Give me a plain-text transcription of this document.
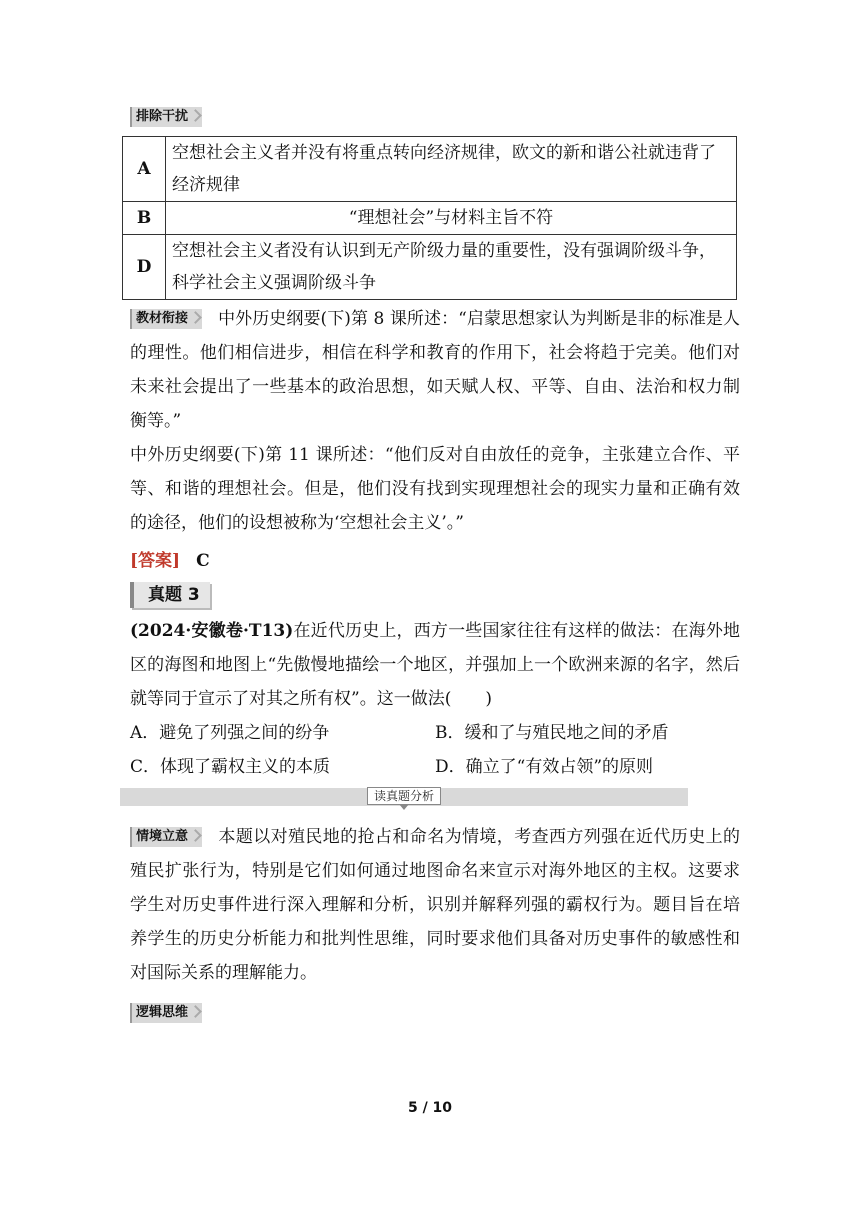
排除干扰
A	空想社会主义者并没有将重点转向经济规律，欧文的新和谐公社就违背了经济规律
B	“理想社会”与材料主旨不符
D	空想社会主义者没有认识到无产阶级力量的重要性，没有强调阶级斗争，科学社会主义强调阶级斗争

教材衔接 中外历史纲要(下)第 8 课所述：“启蒙思想家认为判断是非的标准是人的理性。他们相信进步，相信在科学和教育的作用下，社会将趋于完美。他们对未来社会提出了一些基本的政治思想，如天赋人权、平等、自由、法治和权力制衡等。”

中外历史纲要(下)第 11 课所述：“他们反对自由放任的竞争，主张建立合作、平等、和谐的理想社会。但是，他们没有找到实现理想社会的现实力量和正确有效的途径，他们的设想被称为‘空想社会主义’。”

[答案] C
真题 3

(2024·安徽卷·T13)在近代历史上，西方一些国家往往有这样的做法：在海外地区的海图和地图上“先傲慢地描绘一个地区，并强加上一个欧洲来源的名字，然后就等同于宣示了对其之所有权”。这一做法(　　)

A．避免了列强之间的纷争	B．缓和了与殖民地之间的矛盾
C．体现了霸权主义的本质	D．确立了“有效占领”的原则
读真题分析

情境立意 本题以对殖民地的抢占和命名为情境，考查西方列强在近代历史上的殖民扩张行为，特别是它们如何通过地图命名来宣示对海外地区的主权。这要求学生对历史事件进行深入理解和分析，识别并解释列强的霸权行为。题目旨在培养学生的历史分析能力和批判性思维，同时要求他们具备对历史事件的敏感性和对国际关系的理解能力。

逻辑思维
5 / 10
